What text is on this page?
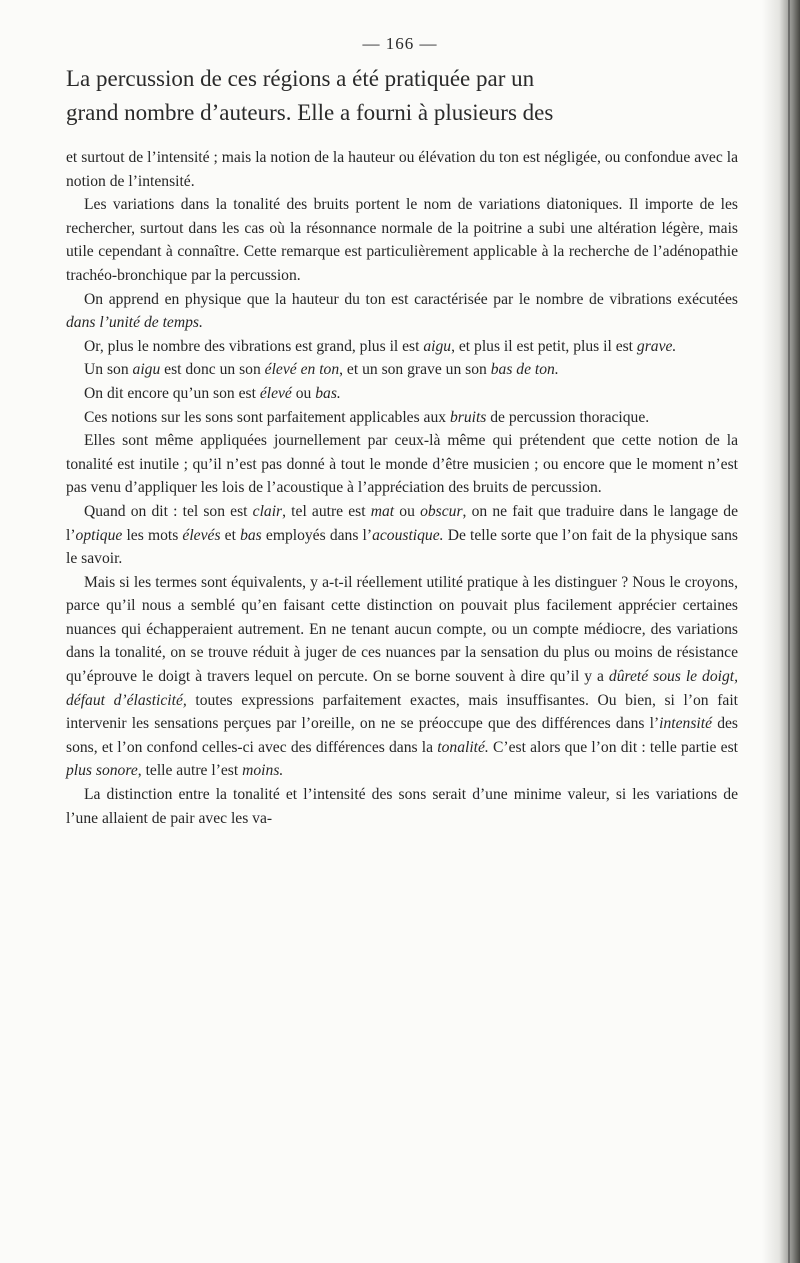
— 166 —
La percussion de ces régions a été pratiquée par un
grand nombre d’auteurs. Elle a fourni à plusieurs des

et surtout de l’intensité ; mais la notion de la hauteur ou élévation du ton est négligée, ou confondue avec la notion de l’intensité.

Les variations dans la tonalité des bruits portent le nom de variations diatoniques. Il importe de les rechercher, surtout dans les cas où la résonnance normale de la poitrine a subi une altération légère, mais utile cependant à connaître. Cette remarque est particulièrement applicable à la recherche de l’adénopathie trachéo-bronchique par la percussion.

On apprend en physique que la hauteur du ton est caractérisée par le nombre de vibrations exécutées dans l’unité de temps.

Or, plus le nombre des vibrations est grand, plus il est aigu, et plus il est petit, plus il est grave.

Un son aigu est donc un son élevé en ton, et un son grave un son bas de ton.

On dit encore qu’un son est élevé ou bas.

Ces notions sur les sons sont parfaitement applicables aux bruits de percussion thoracique.

Elles sont même appliquées journellement par ceux-là même qui prétendent que cette notion de la tonalité est inutile ; qu’il n’est pas donné à tout le monde d’être musicien ; ou encore que le moment n’est pas venu d’appliquer les lois de l’acoustique à l’appréciation des bruits de percussion.

Quand on dit : tel son est clair, tel autre est mat ou obscur, on ne fait que traduire dans le langage de l’optique les mots élevés et bas employés dans l’acoustique. De telle sorte que l’on fait de la physique sans le savoir.

Mais si les termes sont équivalents, y a-t-il réellement utilité pratique à les distinguer ? Nous le croyons, parce qu’il nous a semblé qu’en faisant cette distinction on pouvait plus facilement apprécier certaines nuances qui échapperaient autrement. En ne tenant aucun compte, ou un compte médiocre, des variations dans la tonalité, on se trouve réduit à juger de ces nuances par la sensation du plus ou moins de résistance qu’éprouve le doigt à travers lequel on percute. On se borne souvent à dire qu’il y a dûreté sous le doigt, défaut d’élasticité, toutes expressions parfaitement exactes, mais insuffisantes. Ou bien, si l’on fait intervenir les sensations perçues par l’oreille, on ne se préoccupe que des différences dans l’intensité des sons, et l’on confond celles-ci avec des différences dans la tonalité. C’est alors que l’on dit : telle partie est plus sonore, telle autre l’est moins.

La distinction entre la tonalité et l’intensité des sons serait d’une minime valeur, si les variations de l’une allaient de pair avec les va-
